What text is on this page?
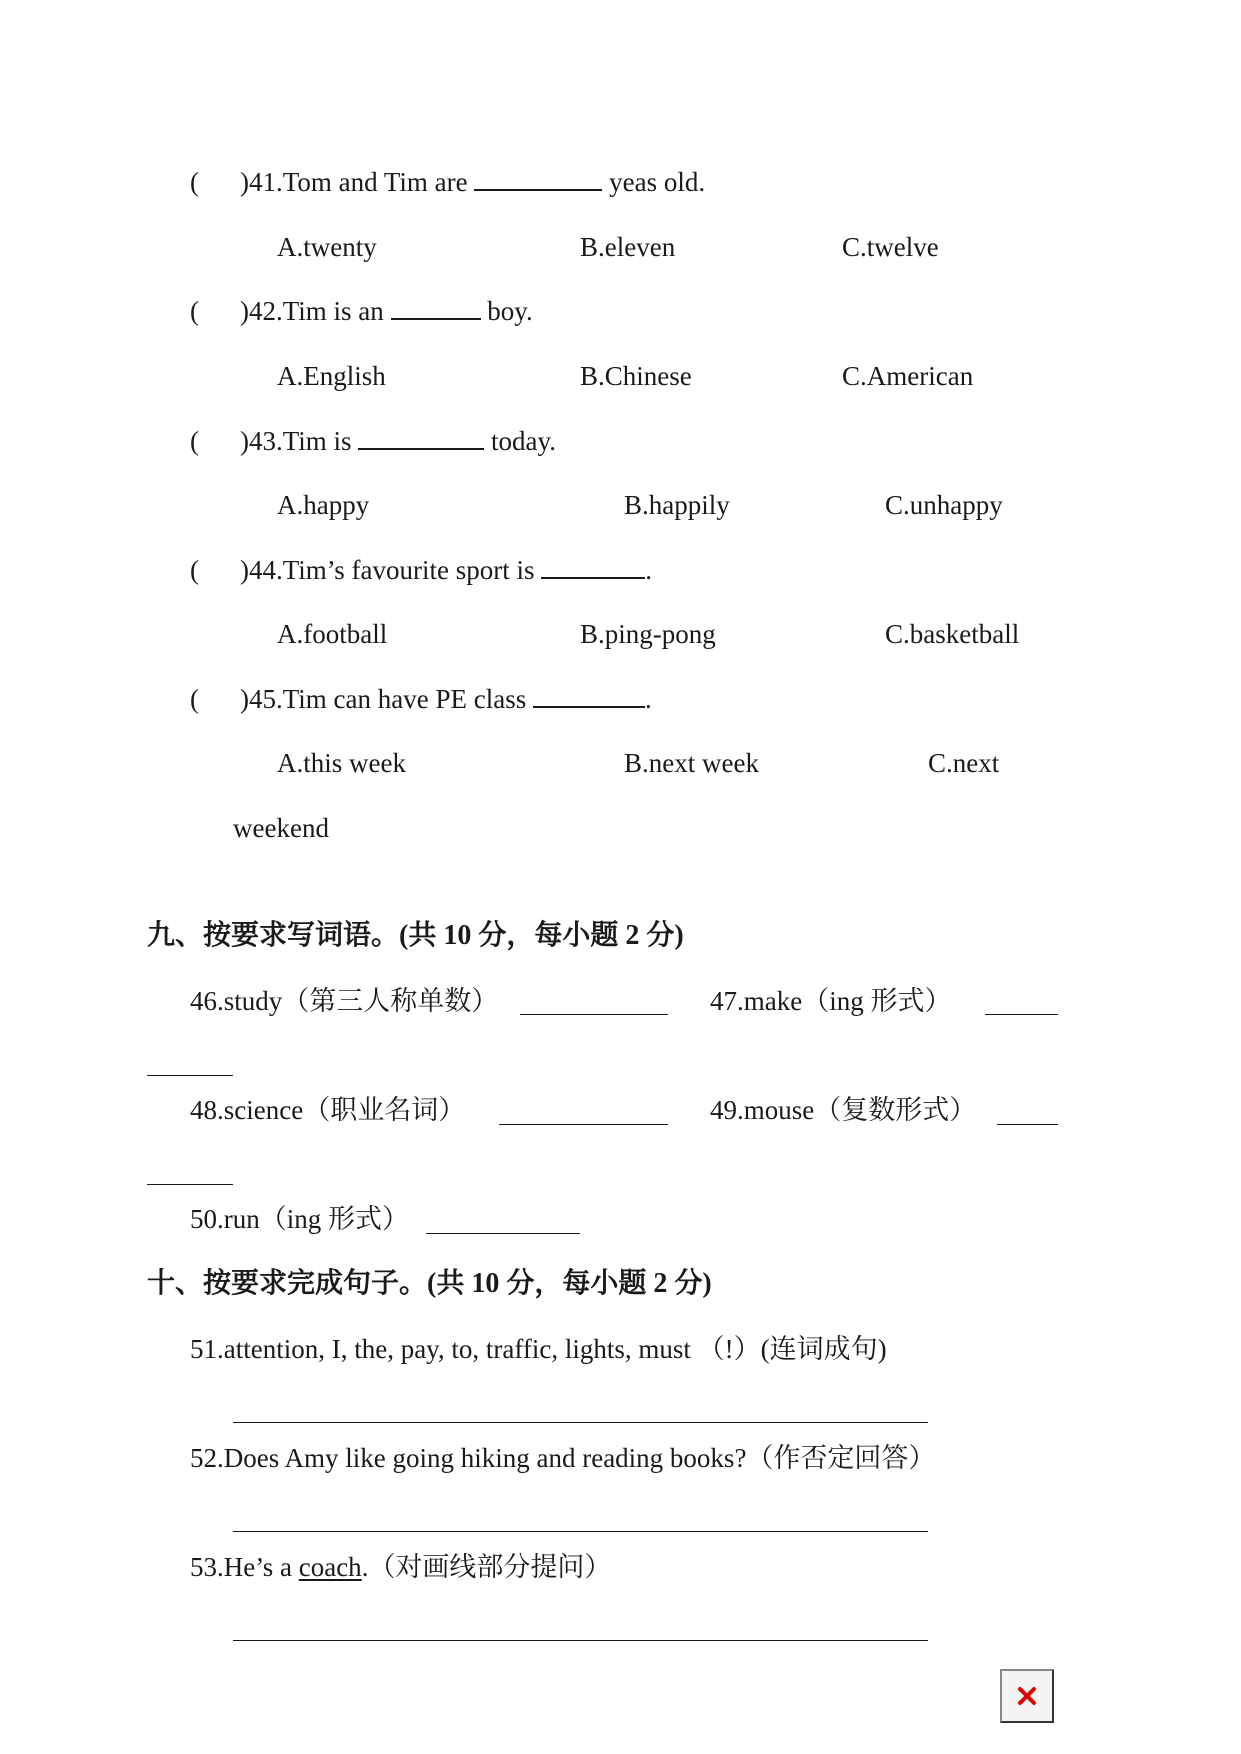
( )41.Tom and Tim are	yeas old.
A.twenty	B.eleven	C.twelve
( )42.Tim is an	boy.
A.English	B.Chinese	C.American
( )43.Tim is	today.
A.happy	B.happily	C.unhappy
( )44.Tim’s favourite sport is	.
A.football	B.ping-pong	C.basketball
( )45.Tim can have PE class	.
A.this week	B.next week	C.next
weekend
九、按要求写词语。(共 10 分，每小题 2 分)
46.study（第三人称单数）	47.make（ing 形式）
48.science（职业名词）	49.mouse（复数形式）
50.run（ing 形式）
十、按要求完成句子。(共 10 分，每小题 2 分)
51.attention, I, the, pay, to, traffic, lights, must （!）(连词成句)
52.Does Amy like going hiking and reading books?（作否定回答）
53.He’s a coach.（对画线部分提问）
